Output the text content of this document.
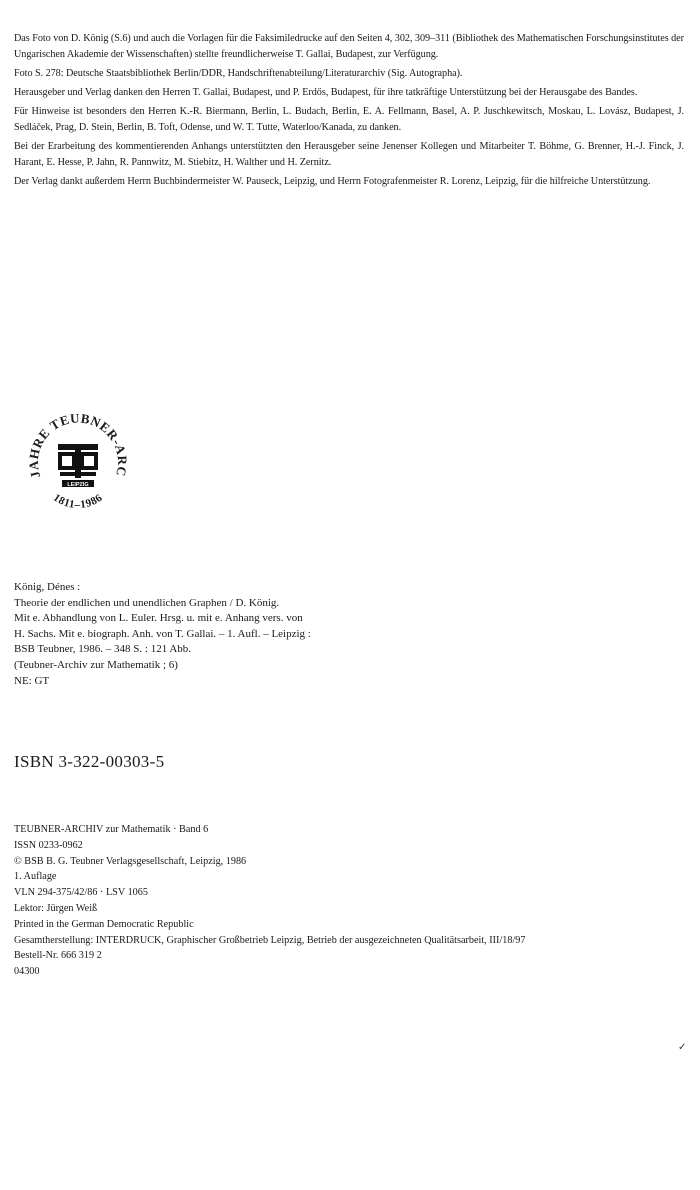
Das Foto von D. König (S.6) und auch die Vorlagen für die Faksimiledrucke auf den Seiten 4, 302, 309–311 (Bibliothek des Mathematischen Forschungsinstitutes der Ungarischen Akademie der Wissenschaften) stellte freundlicherweise T. Gallai, Budapest, zur Verfügung.

Foto S. 278: Deutsche Staatsbibliothek Berlin/DDR, Handschriftenabteilung/Literaturarchiv (Sig. Autographa).

Herausgeber und Verlag danken den Herren T. Gallai, Budapest, und P. Erdős, Budapest, für ihre tatkräftige Unterstützung bei der Herausgabe des Bandes.

Für Hinweise ist besonders den Herren K.-R. Biermann, Berlin, L. Budach, Berlin, E. A. Fellmann, Basel, A. P. Juschkewitsch, Moskau, L. Lovász, Budapest, J. Sedláček, Prag, D. Stein, Berlin, B. Toft, Odense, und W. T. Tutte, Waterloo/Kanada, zu danken.

Bei der Erarbeitung des kommentierenden Anhangs unterstützten den Herausgeber seine Jenenser Kollegen und Mitarbeiter T. Böhme, G. Brenner, H.-J. Finck, J. Harant, E. Hesse, P. Jahn, R. Pannwitz, M. Stiebitz, H. Walther und H. Zernitz.

Der Verlag dankt außerdem Herrn Buchbindermeister W. Pauseck, Leipzig, und Herrn Fotografenmeister R. Lorenz, Leipzig, für die hilfreiche Unterstützung.

JAHRE TEUBNER-ARC
1811–1986
LEIPZIG
König, Dénes :
Theorie der endlichen und unendlichen Graphen / D. König.
Mit e. Abhandlung von L. Euler. Hrsg. u. mit e. Anhang vers. von
H. Sachs. Mit e. biograph. Anh. von T. Gallai. – 1. Aufl. – Leipzig :
BSB Teubner, 1986. – 348 S. : 121 Abb.
(Teubner-Archiv zur Mathematik ; 6)
NE: GT
ISBN 3-322-00303-5
TEUBNER-ARCHIV zur Mathematik · Band 6
ISSN 0233-0962
© BSB B. G. Teubner Verlagsgesellschaft, Leipzig, 1986
1. Auflage
VLN 294-375/42/86 · LSV 1065
Lektor: Jürgen Weiß
Printed in the German Democratic Republic
Gesamtherstellung: INTERDRUCK, Graphischer Großbetrieb Leipzig, Betrieb der ausgezeichneten Qualitätsarbeit, III/18/97
Bestell-Nr. 666 319 2
04300
✓
